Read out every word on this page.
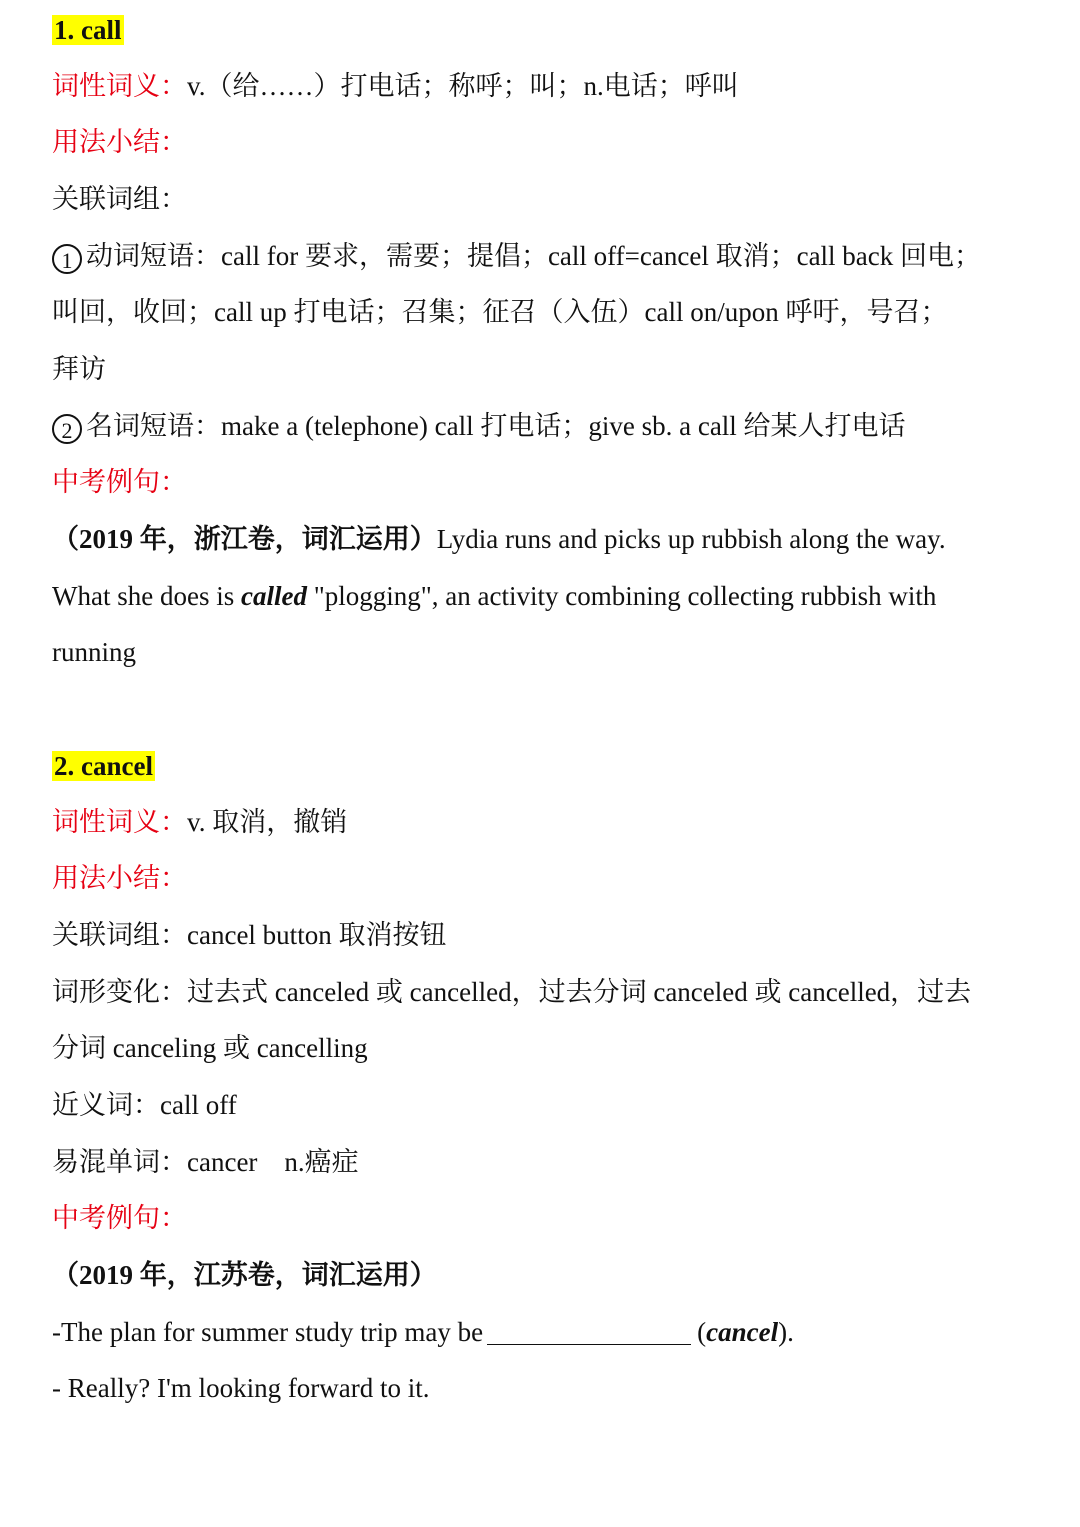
1. call
词性词义：v.（给……）打电话；称呼；叫；n.电话；呼叫
用法小结：
关联词组：
1 动词短语：call for 要求，需要；提倡；call off=cancel 取消；call back 回电；
叫回，收回；call up 打电话；召集；征召（入伍）call on/upon 呼吁，号召；
拜访
2 名词短语：make a (telephone) call 打电话；give sb. a call 给某人打电话
中考例句：
（2019 年，浙江卷，词汇运用）Lydia runs and picks up rubbish along the way.
What she does is called "plogging", an activity combining collecting rubbish with
running
2. cancel
词性词义：v. 取消，撤销
用法小结：
关联词组：cancel button 取消按钮
词形变化：过去式 canceled 或 cancelled，过去分词 canceled 或 cancelled，过去
分词 canceling 或 cancelling
近义词：call off
易混单词：cancer    n.癌症
中考例句：
（2019 年，江苏卷，词汇运用）
-The plan for summer study trip may be	(cancel).
- Really? I'm looking forward to it.
